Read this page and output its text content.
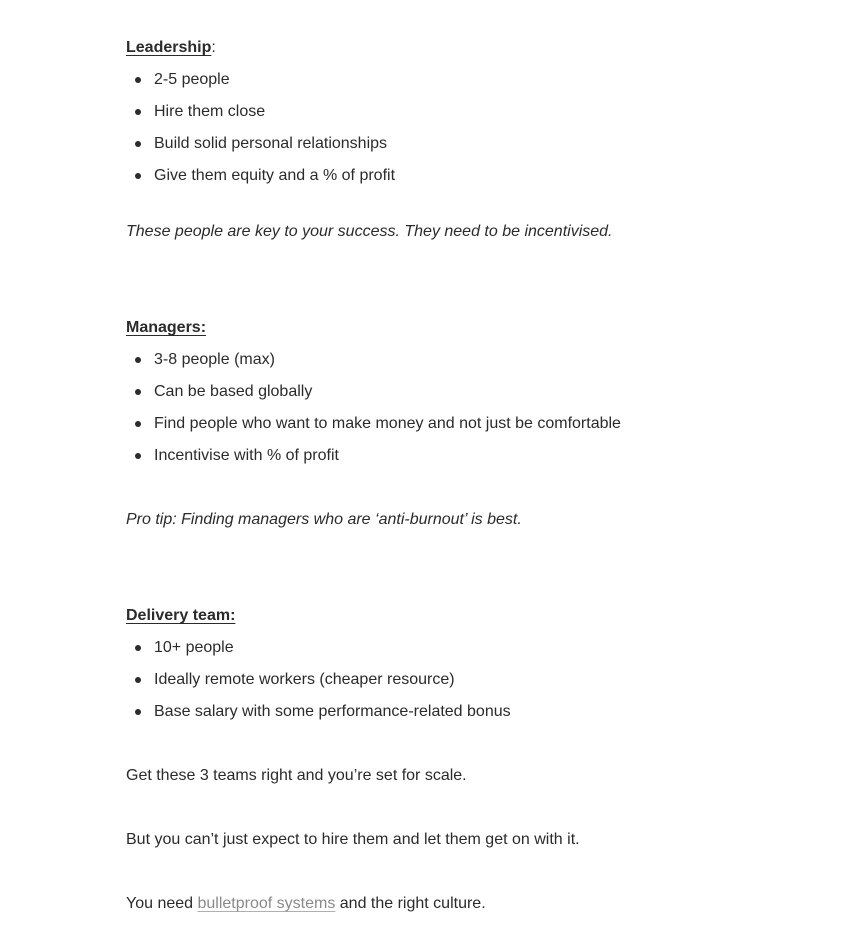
Leadership:
2-5 people
Hire them close
Build solid personal relationships
Give them equity and a % of profit
These people are key to your success. They need to be incentivised.
Managers:
3-8 people (max)
Can be based globally
Find people who want to make money and not just be comfortable
Incentivise with % of profit
Pro tip: Finding managers who are ‘anti-burnout’ is best.
Delivery team:
10+ people
Ideally remote workers (cheaper resource)
Base salary with some performance-related bonus
Get these 3 teams right and you’re set for scale.
But you can’t just expect to hire them and let them get on with it.
You need bulletproof systems and the right culture.
